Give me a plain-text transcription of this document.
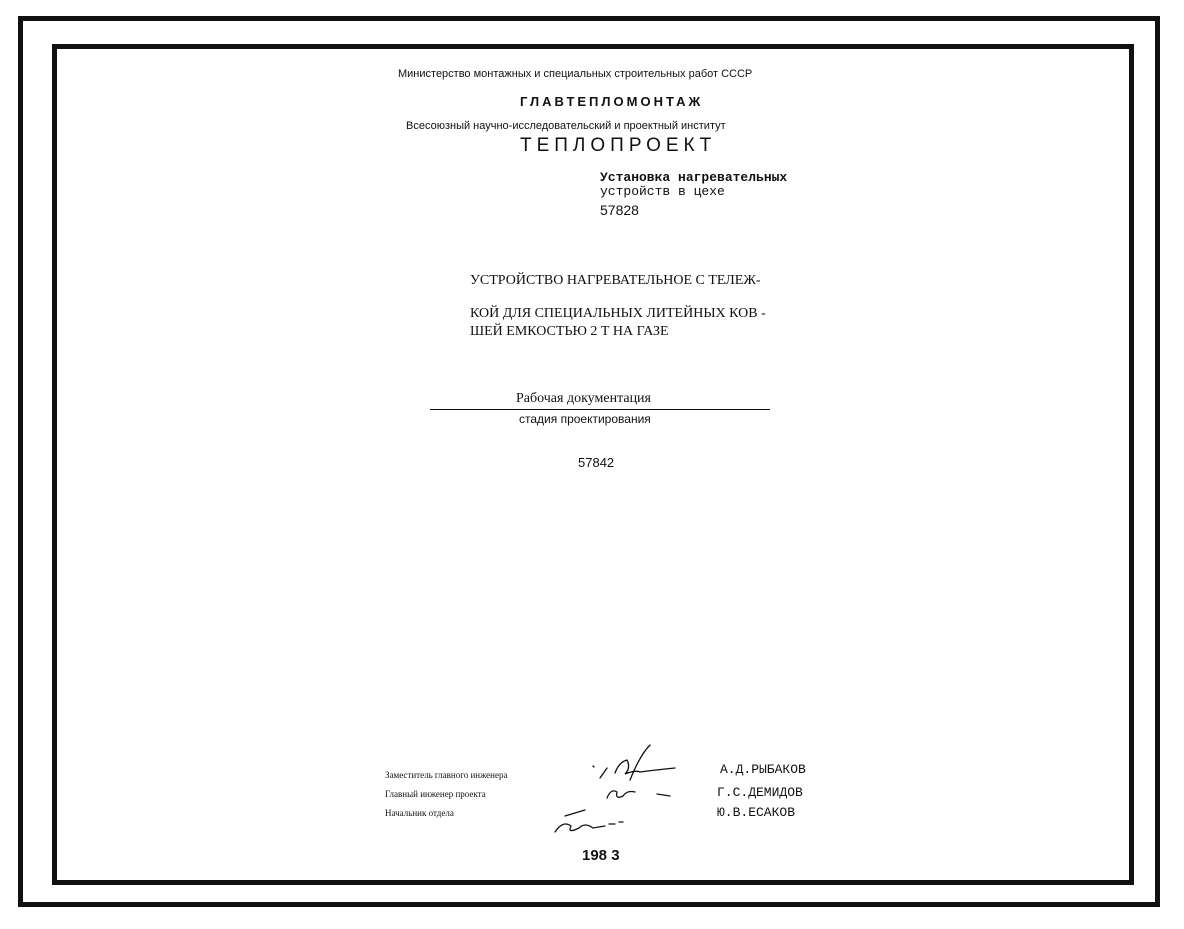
Министерство монтажных и специальных строительных работ СССР
ГЛАВТЕПЛОМОНТАЖ
Всесоюзный научно-исследовательский и проектный институт
ТЕПЛОПРОЕКТ
Установка нагревательных
устройств в цехе
57828
УСТРОЙСТВО НАГРЕВАТЕЛЬНОЕ С ТЕЛЕЖ-
КОЙ ДЛЯ СПЕЦИАЛЬНЫХ ЛИТЕЙНЫХ КОВ -
ШЕЙ ЕМКОСТЬЮ 2 Т НА ГАЗЕ
Рабочая документация
стадия проектирования
57842
Заместитель главного инженера
Главный инженер проекта
Начальник отдела
А.Д.РЫБАКОВ
Г.С.ДЕМИДОВ
Ю.В.ЕСАКОВ
198 3
